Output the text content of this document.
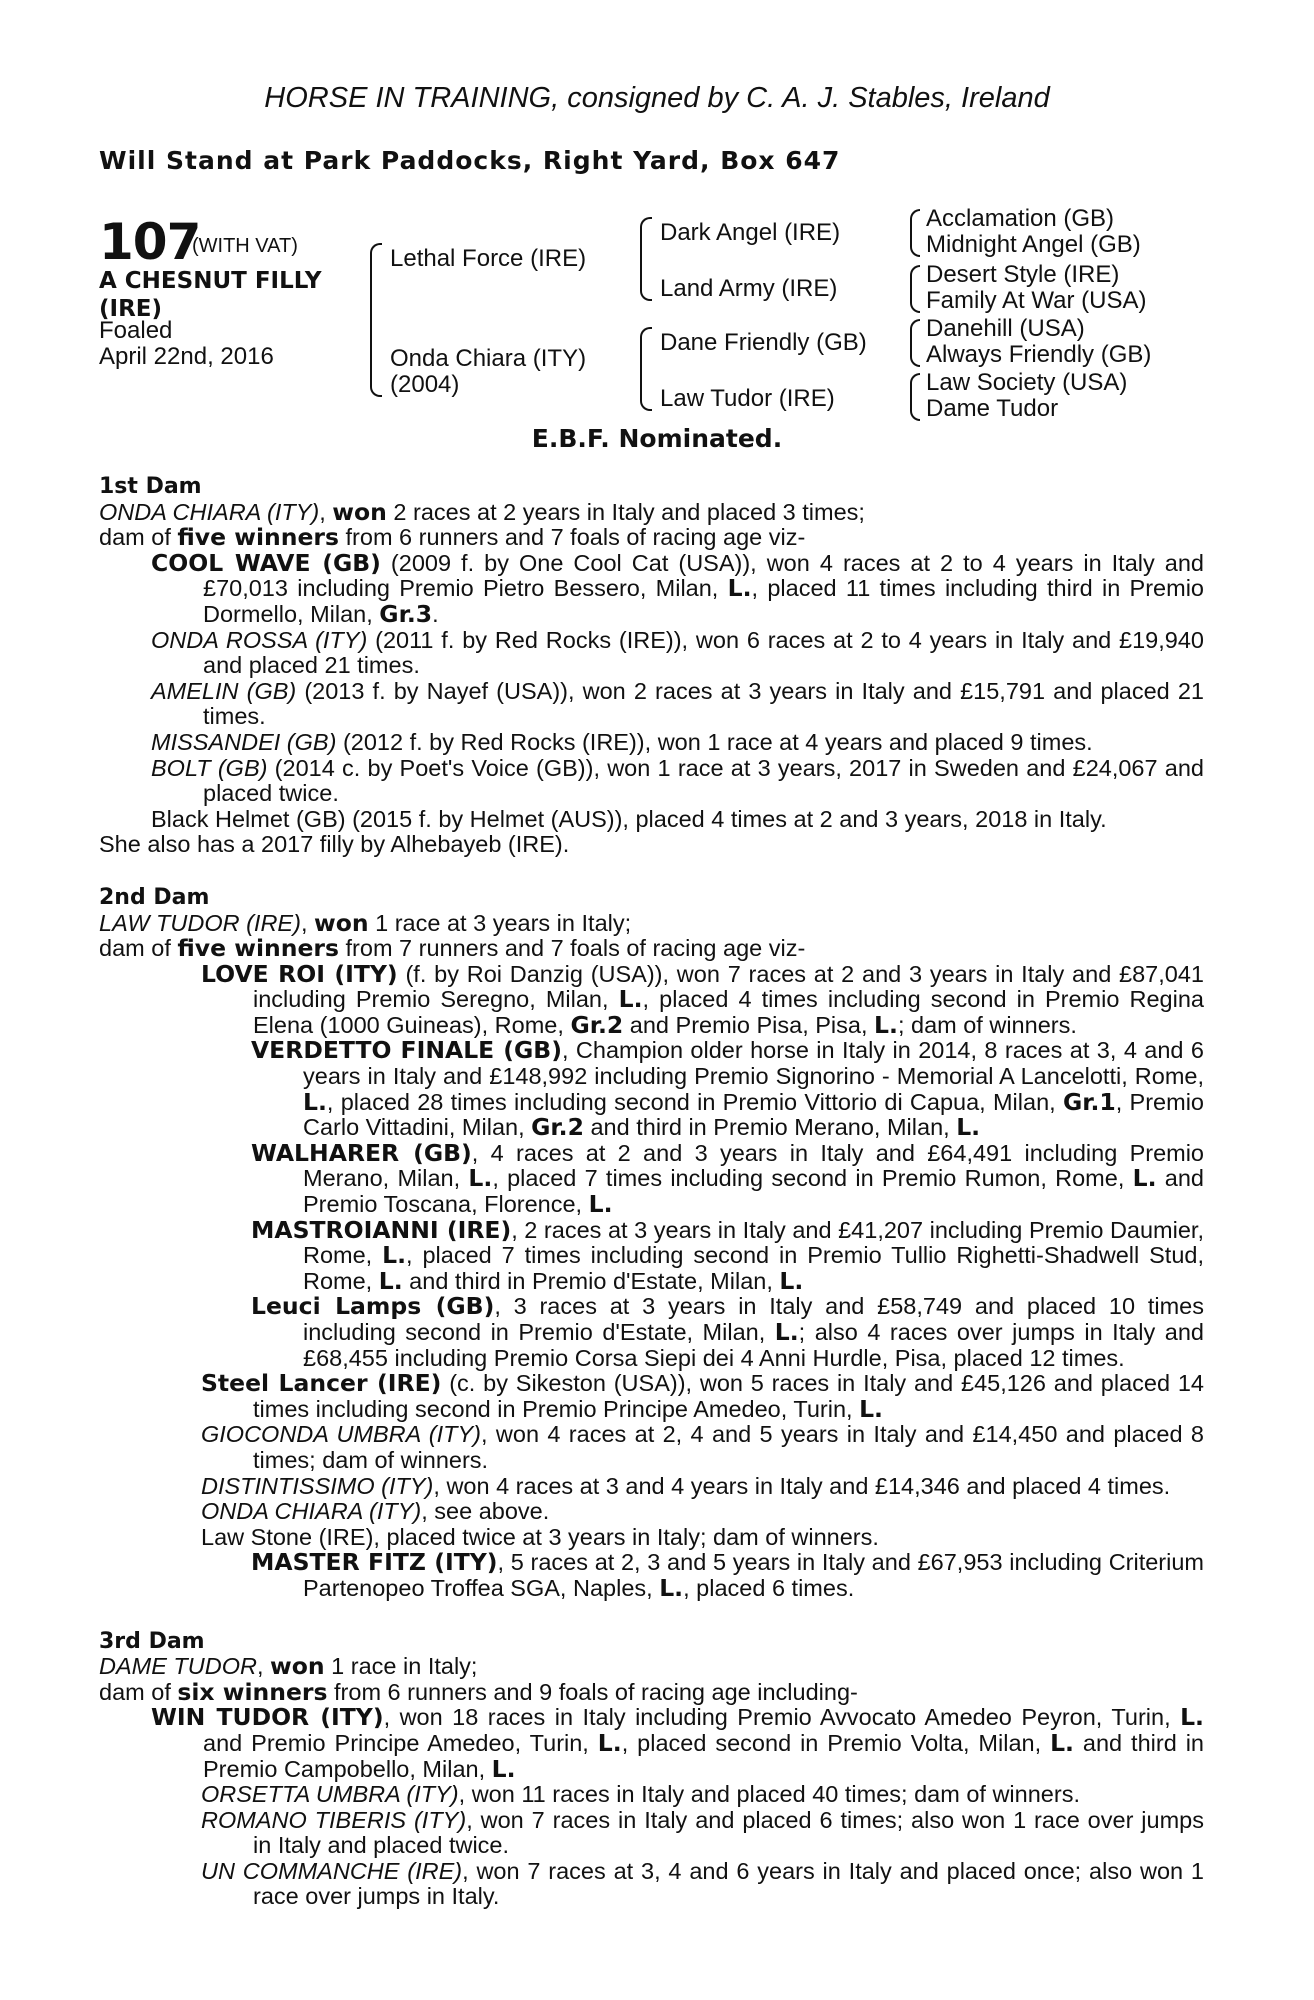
HORSE IN TRAINING, consigned by C. A. J. Stables, Ireland
Will Stand at Park Paddocks, Right Yard, Box 647
107
(WITH VAT)
A CHESNUT FILLY
(IRE)
Foaled
April 22nd, 2016
Lethal Force (IRE)
Onda Chiara (ITY)
(2004)
Dark Angel (IRE)
Land Army (IRE)
Dane Friendly (GB)
Law Tudor (IRE)
Acclamation (GB)
Midnight Angel (GB)
Desert Style (IRE)
Family At War (USA)
Danehill (USA)
Always Friendly (GB)
Law Society (USA)
Dame Tudor
E.B.F. Nominated.
1st Dam
ONDA CHIARA (ITY), won 2 races at 2 years in Italy and placed 3 times;
dam of five winners from 6 runners and 7 foals of racing age viz-
COOL WAVE (GB) (2009 f. by One Cool Cat (USA)), won 4 races at 2 to 4 years in Italy and £70,013 including Premio Pietro Bessero, Milan, L., placed 11 times including third in Premio Dormello, Milan, Gr.3.
ONDA ROSSA (ITY) (2011 f. by Red Rocks (IRE)), won 6 races at 2 to 4 years in Italy and £19,940 and placed 21 times.
AMELIN (GB) (2013 f. by Nayef (USA)), won 2 races at 3 years in Italy and £15,791 and placed 21 times.
MISSANDEI (GB) (2012 f. by Red Rocks (IRE)), won 1 race at 4 years and placed 9 times.
BOLT (GB) (2014 c. by Poet's Voice (GB)), won 1 race at 3 years, 2017 in Sweden and £24,067 and placed twice.
Black Helmet (GB) (2015 f. by Helmet (AUS)), placed 4 times at 2 and 3 years, 2018 in Italy.
She also has a 2017 filly by Alhebayeb (IRE).
2nd Dam
LAW TUDOR (IRE), won 1 race at 3 years in Italy;
dam of five winners from 7 runners and 7 foals of racing age viz-
LOVE ROI (ITY) (f. by Roi Danzig (USA)), won 7 races at 2 and 3 years in Italy and £87,041 including Premio Seregno, Milan, L., placed 4 times including second in Premio Regina Elena (1000 Guineas), Rome, Gr.2 and Premio Pisa, Pisa, L.; dam of winners.
VERDETTO FINALE (GB), Champion older horse in Italy in 2014, 8 races at 3, 4 and 6 years in Italy and £148,992 including Premio Signorino - Memorial A Lancelotti, Rome, L., placed 28 times including second in Premio Vittorio di Capua, Milan, Gr.1, Premio Carlo Vittadini, Milan, Gr.2 and third in Premio Merano, Milan, L.
WALHARER (GB), 4 races at 2 and 3 years in Italy and £64,491 including Premio Merano, Milan, L., placed 7 times including second in Premio Rumon, Rome, L. and Premio Toscana, Florence, L.
MASTROIANNI (IRE), 2 races at 3 years in Italy and £41,207 including Premio Daumier, Rome, L., placed 7 times including second in Premio Tullio Righetti-Shadwell Stud, Rome, L. and third in Premio d'Estate, Milan, L.
Leuci Lamps (GB), 3 races at 3 years in Italy and £58,749 and placed 10 times including second in Premio d'Estate, Milan, L.; also 4 races over jumps in Italy and £68,455 including Premio Corsa Siepi dei 4 Anni Hurdle, Pisa, placed 12 times.
Steel Lancer (IRE) (c. by Sikeston (USA)), won 5 races in Italy and £45,126 and placed 14 times including second in Premio Principe Amedeo, Turin, L.
GIOCONDA UMBRA (ITY), won 4 races at 2, 4 and 5 years in Italy and £14,450 and placed 8 times; dam of winners.
DISTINTISSIMO (ITY), won 4 races at 3 and 4 years in Italy and £14,346 and placed 4 times.
ONDA CHIARA (ITY), see above.
Law Stone (IRE), placed twice at 3 years in Italy; dam of winners.
MASTER FITZ (ITY), 5 races at 2, 3 and 5 years in Italy and £67,953 including Criterium Partenopeo Troffea SGA, Naples, L., placed 6 times.
3rd Dam
DAME TUDOR, won 1 race in Italy;
dam of six winners from 6 runners and 9 foals of racing age including-
WIN TUDOR (ITY), won 18 races in Italy including Premio Avvocato Amedeo Peyron, Turin, L. and Premio Principe Amedeo, Turin, L., placed second in Premio Volta, Milan, L. and third in Premio Campobello, Milan, L.
ORSETTA UMBRA (ITY), won 11 races in Italy and placed 40 times; dam of winners.
ROMANO TIBERIS (ITY), won 7 races in Italy and placed 6 times; also won 1 race over jumps in Italy and placed twice.
UN COMMANCHE (IRE), won 7 races at 3, 4 and 6 years in Italy and placed once; also won 1 race over jumps in Italy.
